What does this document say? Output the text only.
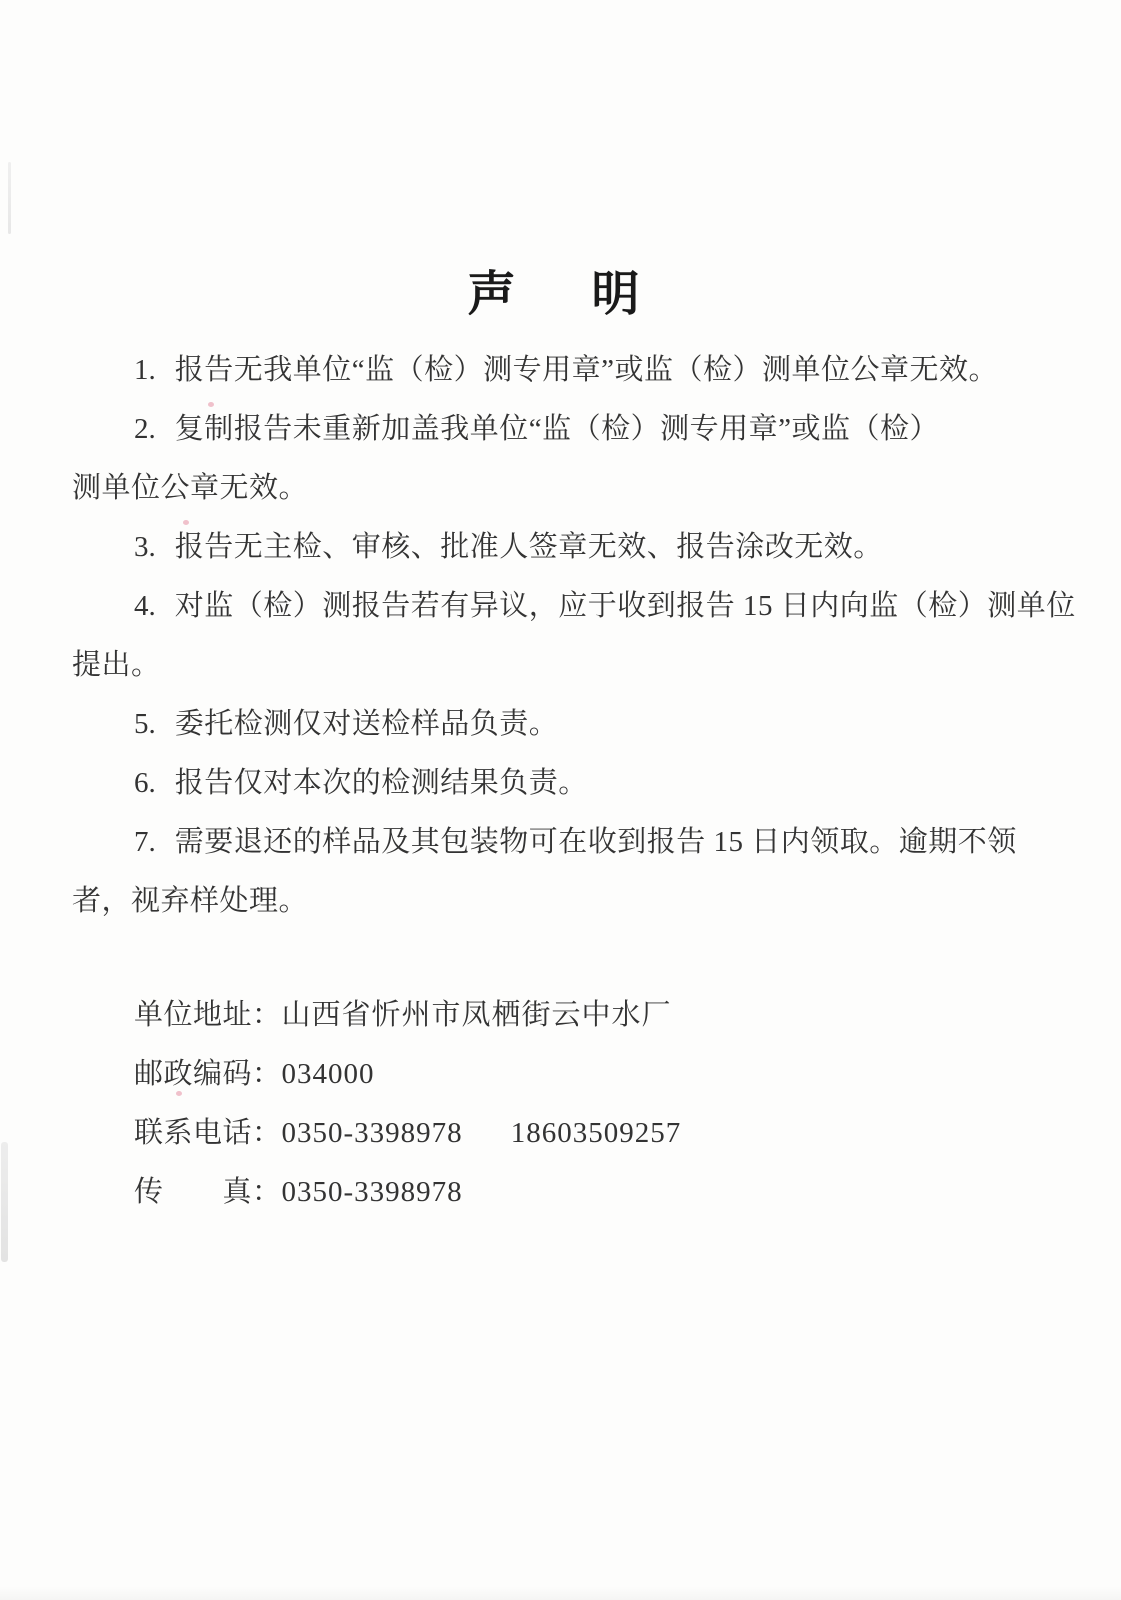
声　明

1. 报告无我单位“监（检）测专用章”或监（检）测单位公章无效。

2. 复制报告未重新加盖我单位“监（检）测专用章”或监（检）

测单位公章无效。

3. 报告无主检、审核、批准人签章无效、报告涂改无效。

4. 对监（检）测报告若有异议，应于收到报告 15 日内向监（检）测单位

提出。

5. 委托检测仅对送检样品负责。

6. 报告仅对本次的检测结果负责。

7. 需要退还的样品及其包装物可在收到报告 15 日内领取。逾期不领

者，视弃样处理。

单位地址：山西省忻州市凤栖街云中水厂

邮政编码：034000

联系电话：0350-3398978 18603509257

传　　真：0350-3398978
